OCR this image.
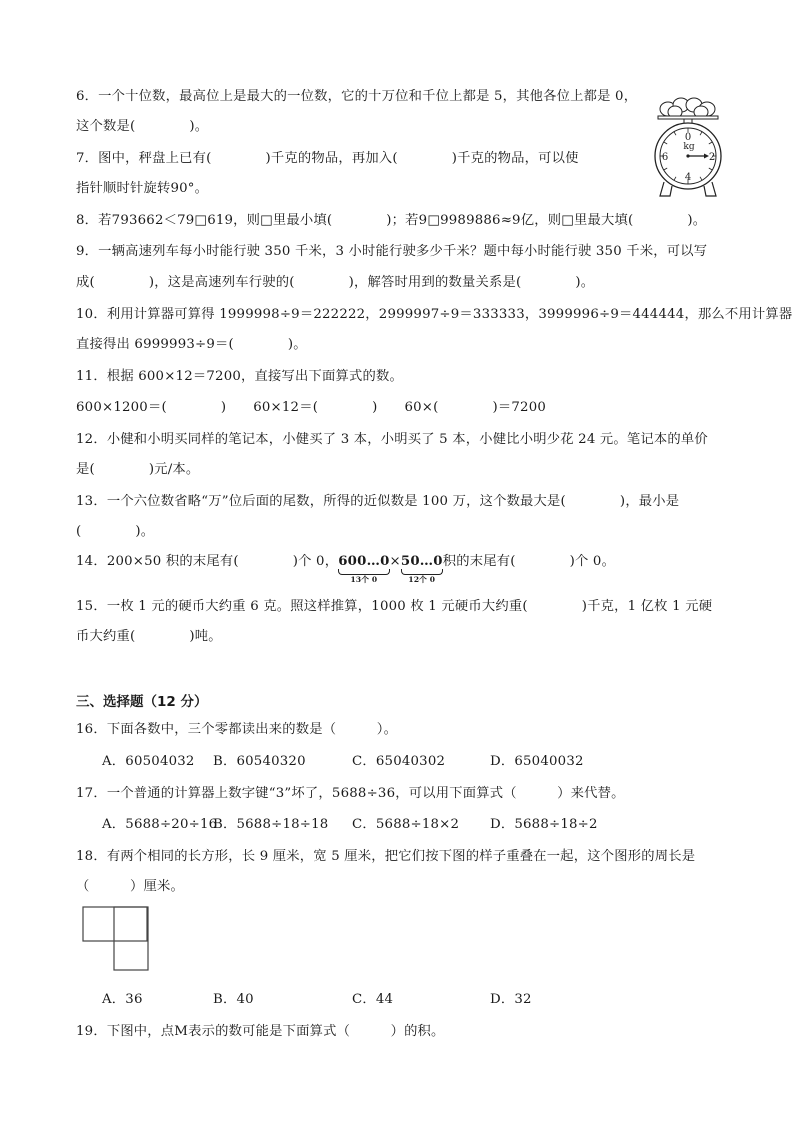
6．一个十位数，最高位上是最大的一位数，它的十万位和千位上都是 5，其他各位上都是 0，
这个数是(　　　　)。
7．图中，秤盘上已有(　　　　)千克的物品，再加入(　　　　)千克的物品，可以使
指针顺时针旋转90°。
0
2
4
6
kg
8．若793662＜79□619，则□里最小填(　　　　)；若9□9989886≈9亿，则□里最大填(　　　　)。
9．一辆高速列车每小时能行驶 350 千米，3 小时能行驶多少千米？题中每小时能行驶 350 千米，可以写
成(　　　　)，这是高速列车行驶的(　　　　)，解答时用到的数量关系是(　　　　)。
10．利用计算器可算得 1999998÷9＝222222，2999997÷9＝333333，3999996÷9＝444444，那么不用计算器
直接得出 6999993÷9＝(　　　　)。
11．根据 600×12＝7200，直接写出下面算式的数。
600×1200＝(　　　　)　　60×12＝(　　　　)　　60×(　　　　)＝7200
12．小健和小明买同样的笔记本，小健买了 3 本，小明买了 5 本，小健比小明少花 24 元。笔记本的单价
是(　　　　)元/本。
13．一个六位数省略“万”位后面的尾数，所得的近似数是 100 万，这个数最大是(　　　　)，最小是
(　　　　)。
14．200×50 积的末尾有(　　　　)个 0，600…0
13个 0
×50…0
12个 0
积的末尾有(　　　　)个 0。
15．一枚 1 元的硬币大约重 6 克。照这样推算，1000 枚 1 元硬币大约重(　　　　)千克，1 亿枚 1 元硬
币大约重(　　　　)吨。
三、选择题（12 分）
16．下面各数中，三个零都读出来的数是（　　　）。
A．60504032 B．60540320	C．65040302	D．65040032
17．一个普通的计算器上数字键“3”坏了，5688÷36，可以用下面算式（　　　）来代替。
A．5688÷20÷16
B．5688÷18÷18 C．5688÷18×2 D．5688÷18÷2
18．有两个相同的长方形，长 9 厘米，宽 5 厘米，把它们按下图的样子重叠在一起，这个图形的周长是
（　　　）厘米。
A．36	B．40	C．44	D．32
19．下图中，点M表示的数可能是下面算式（　　　）的积。
